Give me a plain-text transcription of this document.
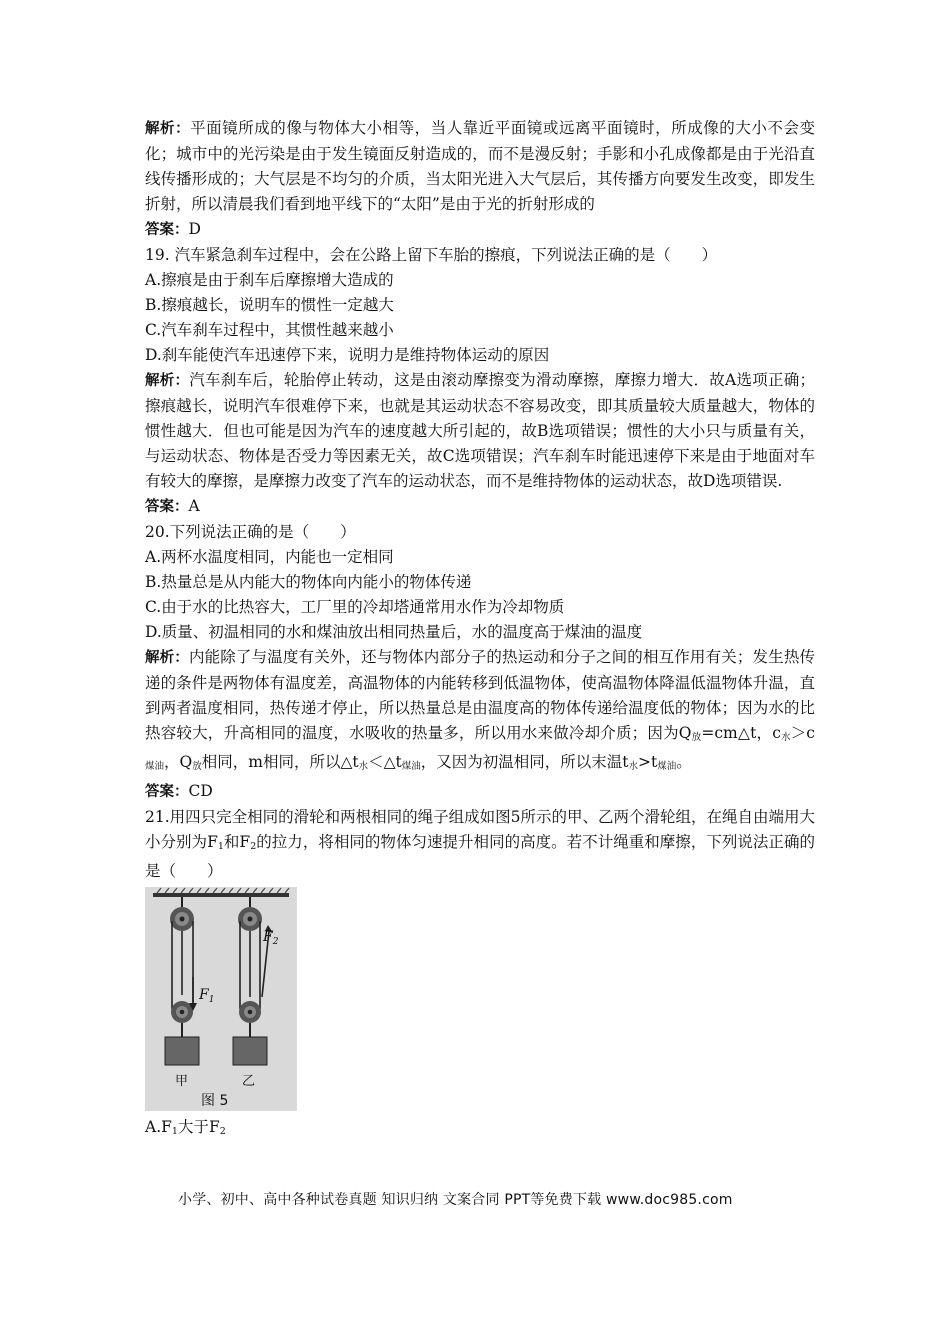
解析：平面镜所成的像与物体大小相等，当人靠近平面镜或远离平面镜时，所成像的大小不会变化；城市中的光污染是由于发生镜面反射造成的，而不是漫反射；手影和小孔成像都是由于光沿直线传播形成的；大气层是不均匀的介质，当太阳光进入大气层后，其传播方向要发生改变，即发生折射，所以清晨我们看到地平线下的“太阳”是由于光的折射形成的

答案：D

19. 汽车紧急刹车过程中，会在公路上留下车胎的擦痕，下列说法正确的是（　　）

A.擦痕是由于刹车后摩擦增大造成的

B.擦痕越长，说明车的惯性一定越大

C.汽车刹车过程中，其惯性越来越小

D.刹车能使汽车迅速停下来，说明力是维持物体运动的原因

解析：汽车刹车后，轮胎停止转动，这是由滚动摩擦变为滑动摩擦，摩擦力增大．故A选项正确；擦痕越长，说明汽车很难停下来，也就是其运动状态不容易改变，即其质量较大质量越大，物体的惯性越大．但也可能是因为汽车的速度越大所引起的，故B选项错误；惯性的大小只与质量有关，与运动状态、物体是否受力等因素无关，故C选项错误；汽车刹车时能迅速停下来是由于地面对车有较大的摩擦，是摩擦力改变了汽车的运动状态，而不是维持物体的运动状态，故D选项错误.

答案：A

20.下列说法正确的是（　　）

A.两杯水温度相同，内能也一定相同

B.热量总是从内能大的物体向内能小的物体传递

C.由于水的比热容大，工厂里的冷却塔通常用水作为冷却物质

D.质量、初温相同的水和煤油放出相同热量后，水的温度高于煤油的温度

解析：内能除了与温度有关外，还与物体内部分子的热运动和分子之间的相互作用有关；发生热传递的条件是两物体有温度差，高温物体的内能转移到低温物体，使高温物体降温低温物体升温，直到两者温度相同，热传递才停止，所以热量总是由温度高的物体传递给温度低的物体；因为水的比热容较大，升高相同的温度，水吸收的热量多，所以用水来做冷却介质；因为$Q_放=cm\triangle t$，$c_水>c_{煤油}$，$Q_放$相同，m相同，所以$\triangle t_水<\triangle t_{煤油}$，又因为初温相同，所以末温$t_水>t_{煤油}$。

答案：CD

21.用四只完全相同的滑轮和两根相同的绳子组成如图5所示的甲、乙两个滑轮组，在绳自由端用大小分别为$F_1$和$F_2$的拉力，将相同的物体匀速提升相同的高度。若不计绳重和摩擦，下列说法正确的是（　　）

$F_1$
$F_2$
甲	乙
图 5

$A.F_1$大于$F_2$

小学、初中、高中各种试卷真题 知识归纳 文案合同 PPT等免费下载 www.doc985.com
